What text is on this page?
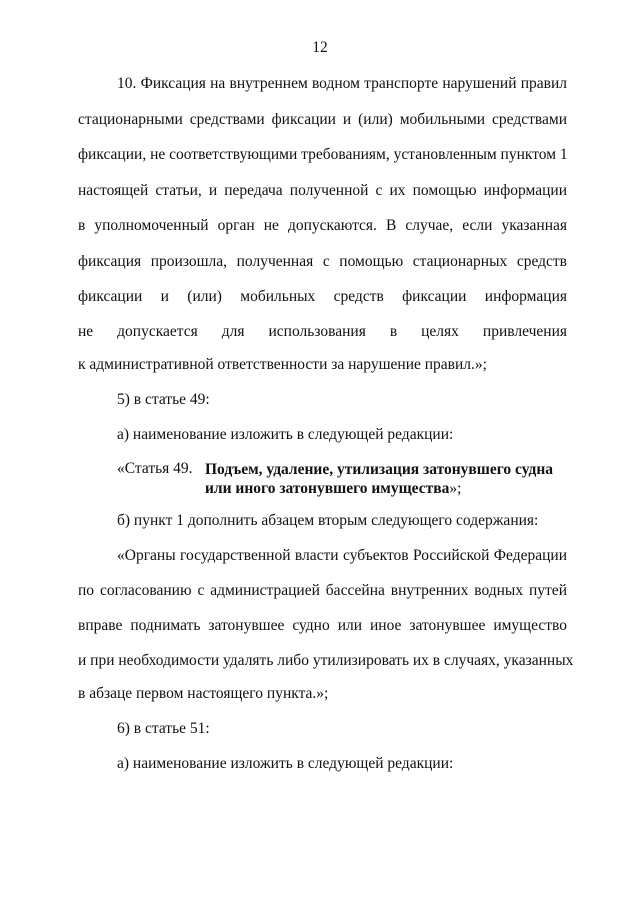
12
10. Фиксация на внутреннем водном транспорте нарушений правил
стационарными средствами фиксации и (или) мобильными средствами
фиксации, не соответствующими требованиям, установленным пунктом 1
настоящей статьи, и передача полученной с их помощью информации
в уполномоченный орган не допускаются. В случае, если указанная
фиксация произошла, полученная с помощью стационарных средств
фиксации и (или) мобильных средств фиксации информация
не допускается для использования в целях привлечения
к административной ответственности за нарушение правил.»;
5) в статье 49:
а) наименование изложить в следующей редакции:
«Статья 49. Подъем, удаление, утилизация затонувшего судна
или иного затонувшего имущества»;
б) пункт 1 дополнить абзацем вторым следующего содержания:
«Органы государственной власти субъектов Российской Федерации
по согласованию с администрацией бассейна внутренних водных путей
вправе поднимать затонувшее судно или иное затонувшее имущество
и при необходимости удалять либо утилизировать их в случаях, указанных
в абзаце первом настоящего пункта.»;
6) в статье 51:
а) наименование изложить в следующей редакции:
